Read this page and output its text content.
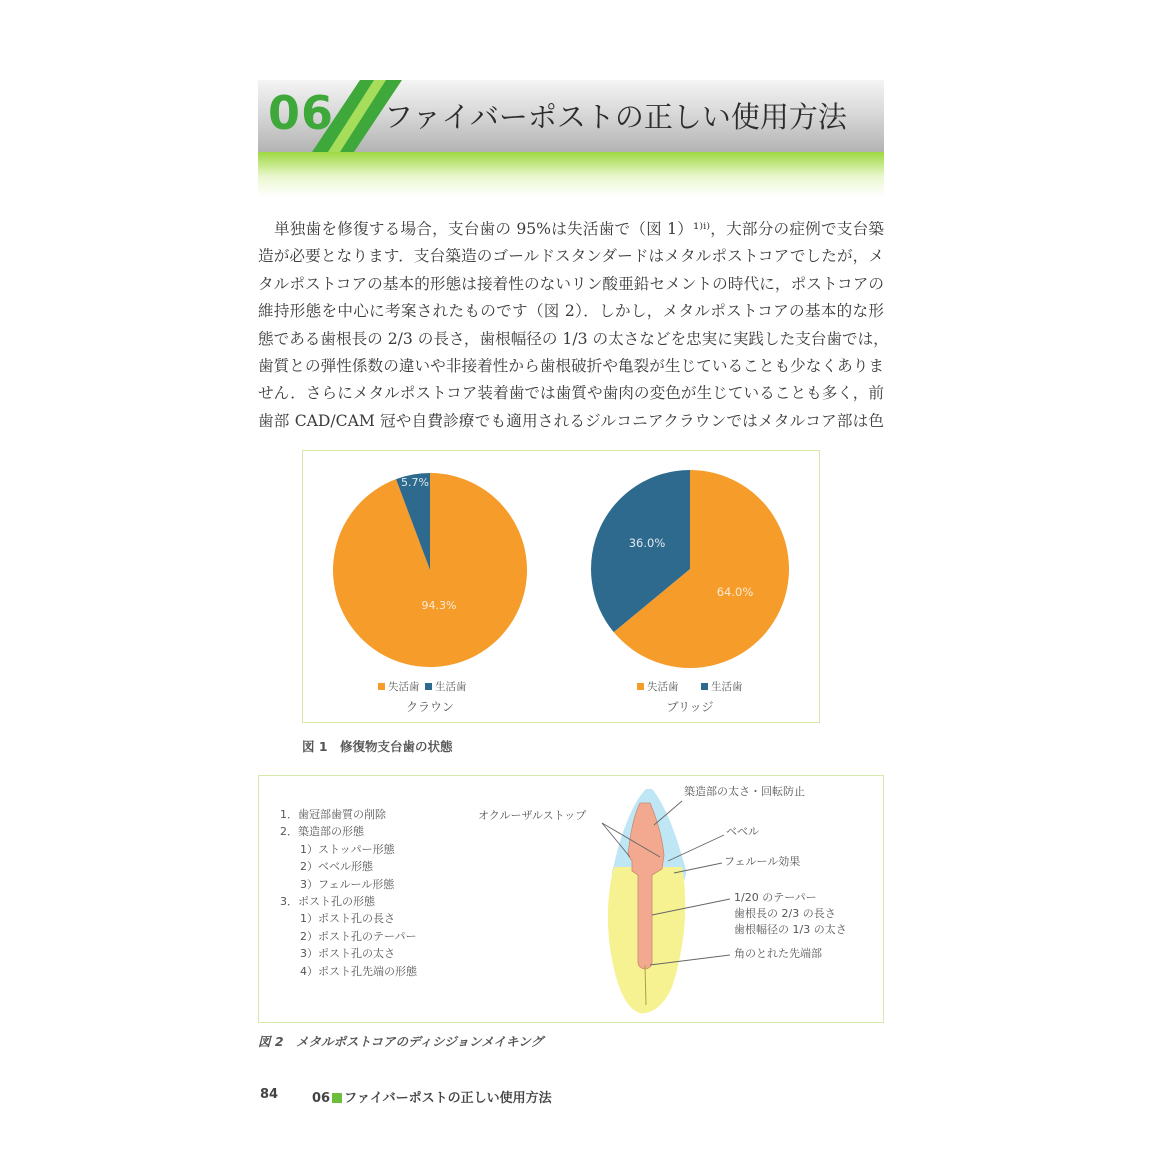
06 ファイバーポストの正しい使用方法
単独歯を修復する場合，支台歯の 95%は失活歯で（図 1）¹⁾ⁱ⁾，大部分の症例で支台築
造が必要となります．支台築造のゴールドスタンダードはメタルポストコアでしたが，メ
タルポストコアの基本的形態は接着性のないリン酸亜鉛セメントの時代に，ポストコアの
維持形態を中心に考案されたものです（図 2）．しかし，メタルポストコアの基本的な形
態である歯根長の 2/3 の長さ，歯根幅径の 1/3 の太さなどを忠実に実践した支台歯では，
歯質との弾性係数の違いや非接着性から歯根破折や亀裂が生じていることも少なくありま
せん．さらにメタルポストコア装着歯では歯質や歯肉の変色が生じていることも多く，前
歯部 CAD/CAM 冠や自費診療でも適用されるジルコニアクラウンではメタルコア部は色
5.7%
94.3%
36.0%
64.0%
失活歯 生活歯
クラウン
失活歯	生活歯
ブリッジ
図 1　修復物支台歯の状態
1．歯冠部歯質の削除
2．築造部の形態
1）ストッパー形態
2）ベベル形態
3）フェルール形態
3．ポスト孔の形態
1）ポスト孔の長さ
2）ポスト孔のテーパー
3）ポスト孔の太さ
4）ポスト孔先端の形態
オクルーザルストップ
築造部の太さ・回転防止
ベベル
フェルール効果
1/20 のテーパー
歯根長の 2/3 の長さ
歯根幅径の 1/3 の太さ
角のとれた先端部
図 2　メタルポストコアのディシジョンメイキング
84	06 ファイバーポストの正しい使用方法
